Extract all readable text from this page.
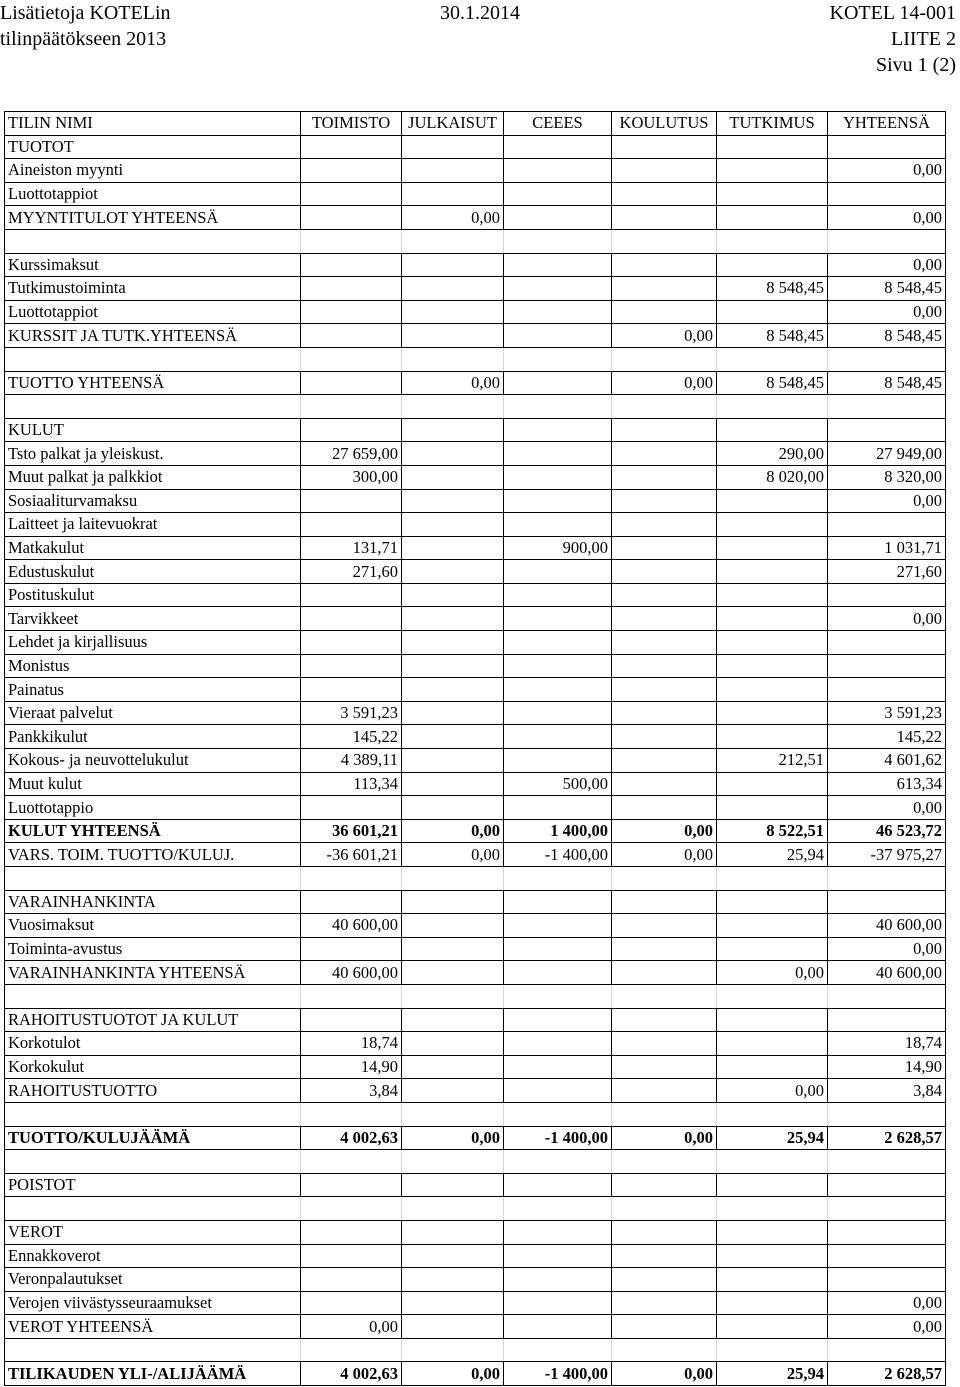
Lisätietoja KOTELin
tilinpäätökseen 2013
30.1.2014	KOTEL 14-001
LIITE 2
Sivu 1 (2)
TILIN NIMI	TOIMISTO	JULKAISUT	CEEES	KOULUTUS	TUTKIMUS	YHTEENSÄ
TUOTOT						
Aineiston myynti						0,00
Luottotappiot						
MYYNTITULOT YHTEENSÄ		0,00				0,00

Kurssimaksut						0,00
Tutkimustoiminta					8 548,45	8 548,45
Luottotappiot						0,00
KURSSIT JA TUTK.YHTEENSÄ				0,00	8 548,45	8 548,45

TUOTTO YHTEENSÄ		0,00		0,00	8 548,45	8 548,45

KULUT						
Tsto palkat ja yleiskust.	27 659,00				290,00	27 949,00
Muut palkat ja palkkiot	300,00				8 020,00	8 320,00
Sosiaaliturvamaksu						0,00
Laitteet ja laitevuokrat						
Matkakulut	131,71		900,00			1 031,71
Edustuskulut	271,60					271,60
Postituskulut						
Tarvikkeet						0,00
Lehdet ja kirjallisuus						
Monistus						
Painatus						
Vieraat palvelut	3 591,23					3 591,23
Pankkikulut	145,22					145,22
Kokous- ja neuvottelukulut	4 389,11				212,51	4 601,62
Muut kulut	113,34		500,00			613,34
Luottotappio						0,00
KULUT YHTEENSÄ	36 601,21	0,00	1 400,00	0,00	8 522,51	46 523,72
VARS. TOIM. TUOTTO/KULUJ.	-36 601,21	0,00	-1 400,00	0,00	25,94	-37 975,27

VARAINHANKINTA						
Vuosimaksut	40 600,00					40 600,00
Toiminta-avustus						0,00
VARAINHANKINTA YHTEENSÄ	40 600,00				0,00	40 600,00

RAHOITUSTUOTOT JA KULUT						
Korkotulot	18,74					18,74
Korkokulut	14,90					14,90
RAHOITUSTUOTTO	3,84				0,00	3,84

TUOTTO/KULUJÄÄMÄ	4 002,63	0,00	-1 400,00	0,00	25,94	2 628,57

POISTOT						

VEROT						
Ennakkoverot						
Veronpalautukset						
Verojen viivästysseuraamukset						0,00
VEROT YHTEENSÄ	0,00					0,00

TILIKAUDEN YLI-/ALIJÄÄMÄ	4 002,63	0,00	-1 400,00	0,00	25,94	2 628,57
